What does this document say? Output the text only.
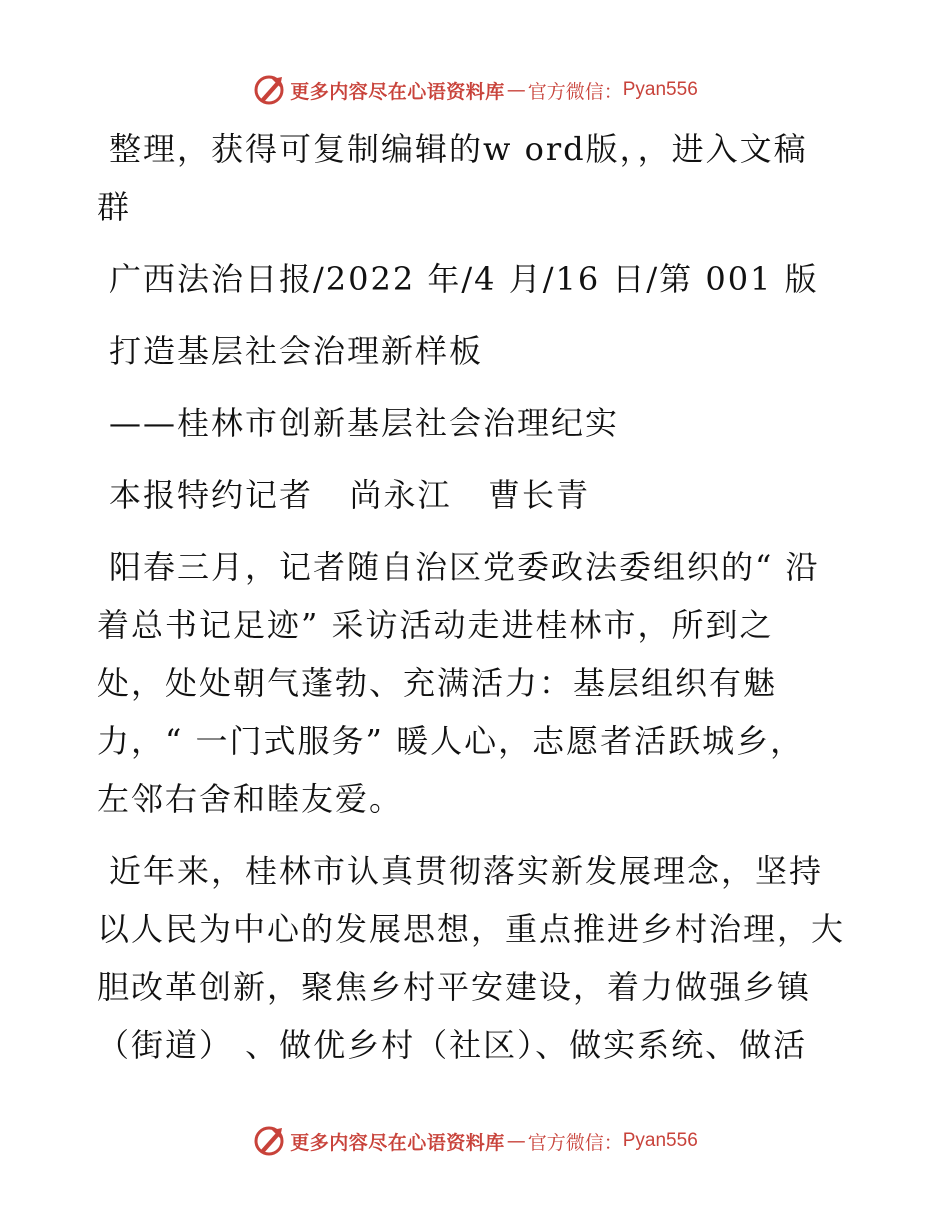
更多内容尽在心语资料库 — 官方微信： Pyan556
整理，获得可复制编辑的w ord版，，进入文稿
群
广西法治日报/2022 年/4 月/16 日/第 001 版
打造基层社会治理新样板
——桂林市创新基层社会治理纪实
本报特约记者   尚永江   曹长青
阳春三月，记者随自治区党委政法委组织的“ 沿
着总书记足迹” 采访活动走进桂林市，所到之
处，处处朝气蓬勃、充满活力：基层组织有魅
力，“ 一门式服务” 暖人心，志愿者活跃城乡，
左邻右舍和睦友爱。
近年来，桂林市认真贯彻落实新发展理念，坚持
以人民为中心的发展思想，重点推进乡村治理，大
胆改革创新，聚焦乡村平安建设，着力做强乡镇
（街道） 、做优乡村（社区）、做实系统、做活
更多内容尽在心语资料库 — 官方微信： Pyan556
